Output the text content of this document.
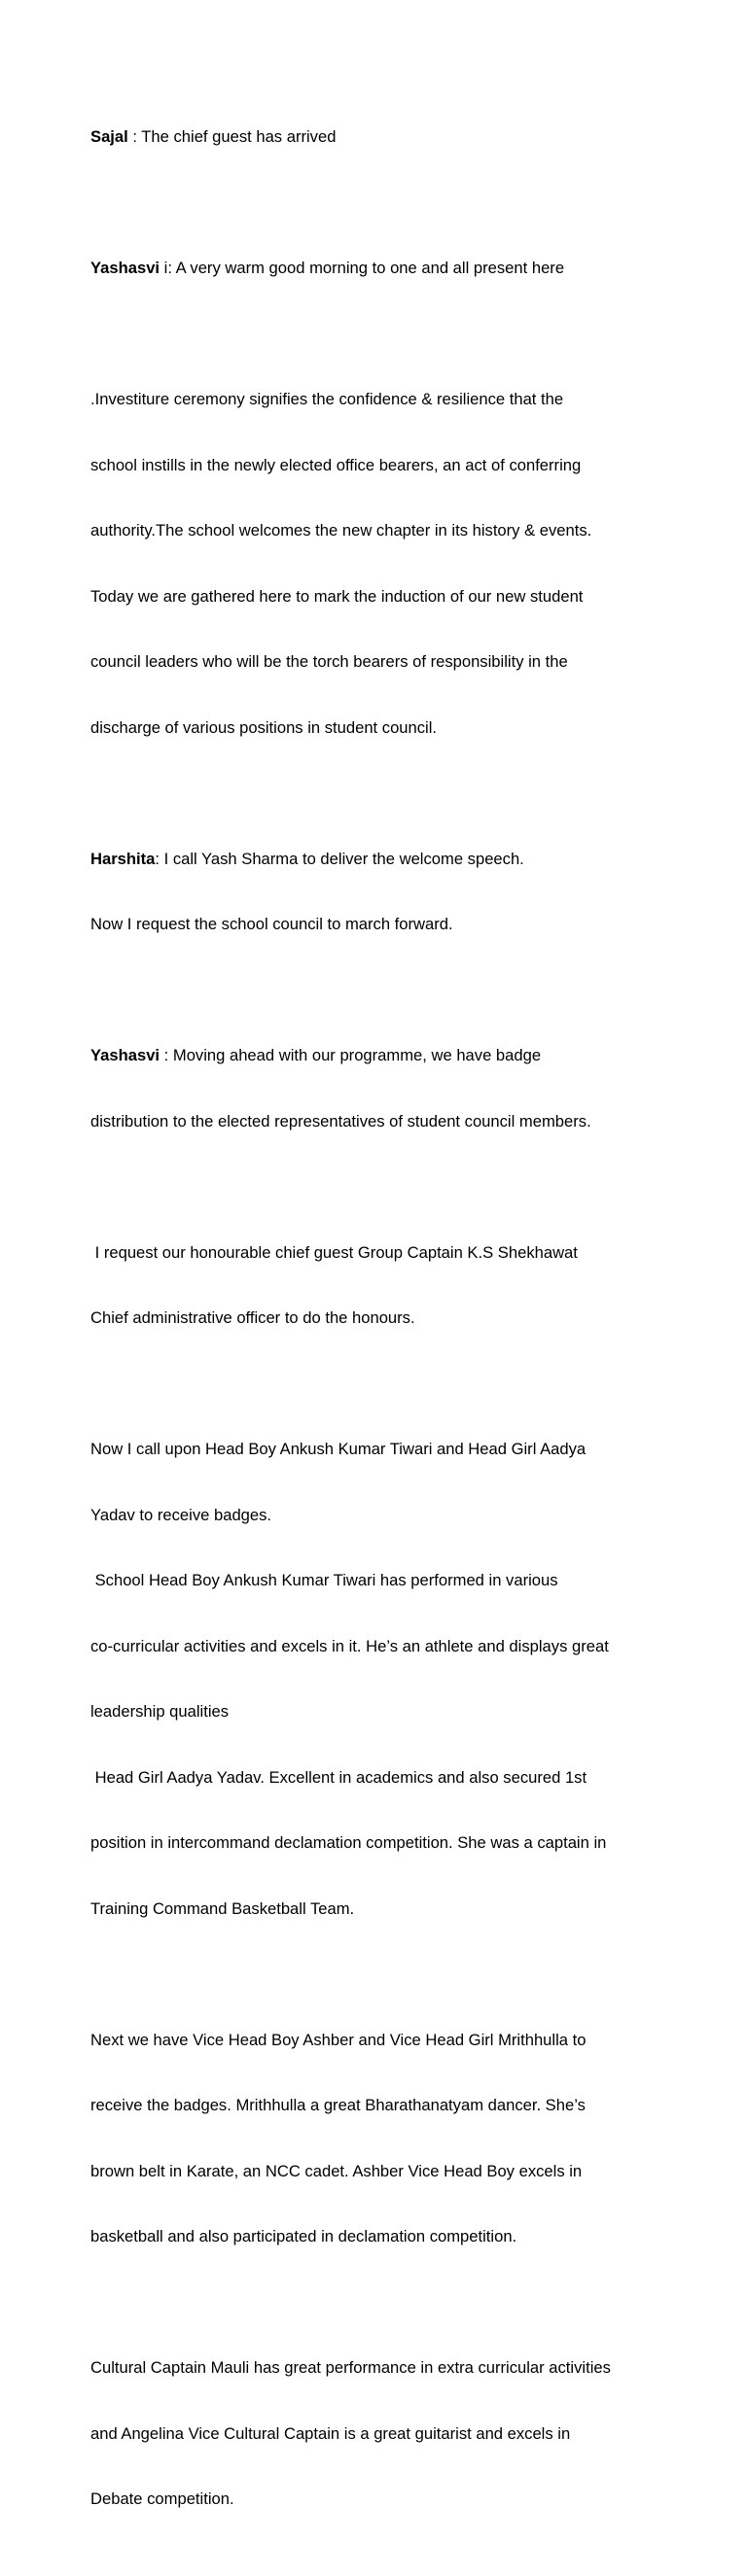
Sajal : The chief guest has arrived

Yashasvi i: A very warm good morning to one and all present here

.Investiture ceremony signifies the confidence & resilience that the

school instills in the newly elected office bearers, an act of conferring

authority.The school welcomes the new chapter in its history & events.

Today we are gathered here to mark the induction of our new student

council leaders who will be the torch bearers of responsibility in the

discharge of various positions in student council.

Harshita: I call Yash Sharma to deliver the welcome speech.

Now I request the school council to march forward.

Yashasvi : Moving ahead with our programme, we have badge

distribution to the elected representatives of student council members.

I request our honourable chief guest Group Captain K.S Shekhawat

Chief administrative officer to do the honours.

Now I call upon Head Boy Ankush Kumar Tiwari and Head Girl Aadya

Yadav to receive badges.

School Head Boy Ankush Kumar Tiwari has performed in various

co-curricular activities and excels in it. He’s an athlete and displays great

leadership qualities

Head Girl Aadya Yadav. Excellent in academics and also secured 1st

position in intercommand declamation competition. She was a captain in

Training Command Basketball Team.

Next we have Vice Head Boy Ashber and Vice Head Girl Mrithhulla to

receive the badges. Mrithhulla a great Bharathanatyam dancer. She’s

brown belt in Karate, an NCC cadet. Ashber Vice Head Boy excels in

basketball and also participated in declamation competition.

Cultural Captain Mauli has great performance in extra curricular activities

and Angelina Vice Cultural Captain is a great guitarist and excels in

Debate competition.
